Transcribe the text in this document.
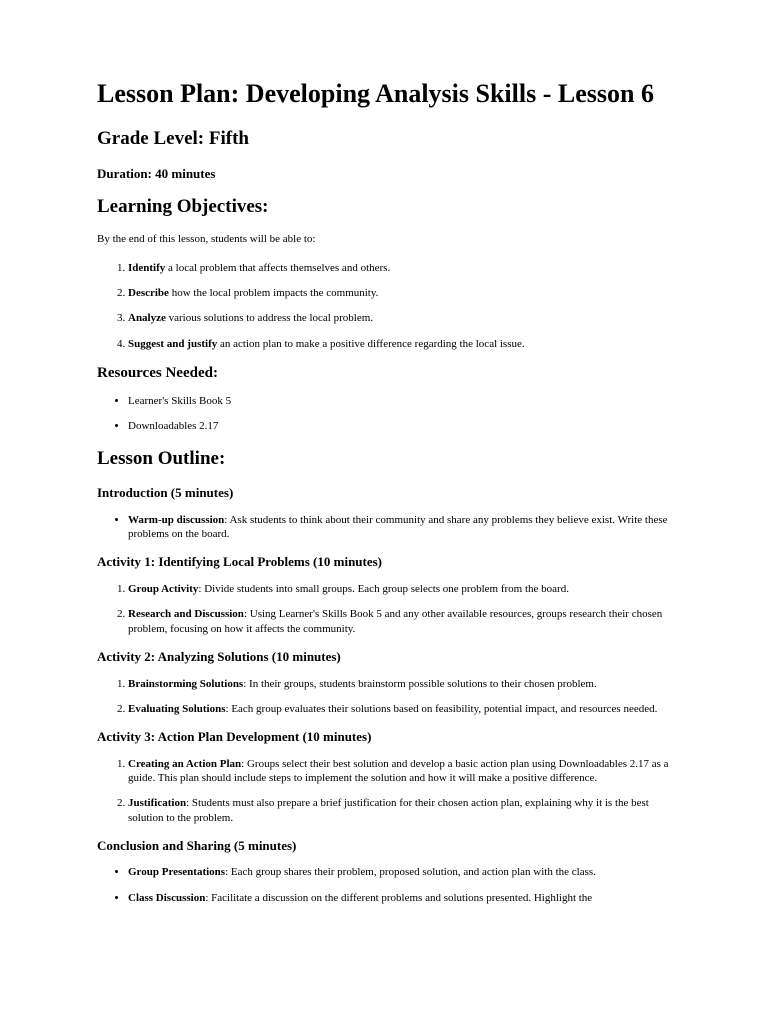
Lesson Plan: Developing Analysis Skills - Lesson 6
Grade Level: Fifth
Duration: 40 minutes
Learning Objectives:

By the end of this lesson, students will be able to:

1. Identify a local problem that affects themselves and others.
2. Describe how the local problem impacts the community.
3. Analyze various solutions to address the local problem.
4. Suggest and justify an action plan to make a positive difference regarding the local issue.
Resources Needed:
• Learner's Skills Book 5
• Downloadables 2.17
Lesson Outline:
Introduction (5 minutes)
• Warm-up discussion: Ask students to think about their community and share any problems they believe exist. Write these problems on the board.
Activity 1: Identifying Local Problems (10 minutes)
1. Group Activity: Divide students into small groups. Each group selects one problem from the board.
2. Research and Discussion: Using Learner's Skills Book 5 and any other available resources, groups research their chosen problem, focusing on how it affects the community.
Activity 2: Analyzing Solutions (10 minutes)
1. Brainstorming Solutions: In their groups, students brainstorm possible solutions to their chosen problem.
2. Evaluating Solutions: Each group evaluates their solutions based on feasibility, potential impact, and resources needed.
Activity 3: Action Plan Development (10 minutes)
1. Creating an Action Plan: Groups select their best solution and develop a basic action plan using Downloadables 2.17 as a guide. This plan should include steps to implement the solution and how it will make a positive difference.
2. Justification: Students must also prepare a brief justification for their chosen action plan, explaining why it is the best solution to the problem.
Conclusion and Sharing (5 minutes)
• Group Presentations: Each group shares their problem, proposed solution, and action plan with the class.
• Class Discussion: Facilitate a discussion on the different problems and solutions presented. Highlight the
